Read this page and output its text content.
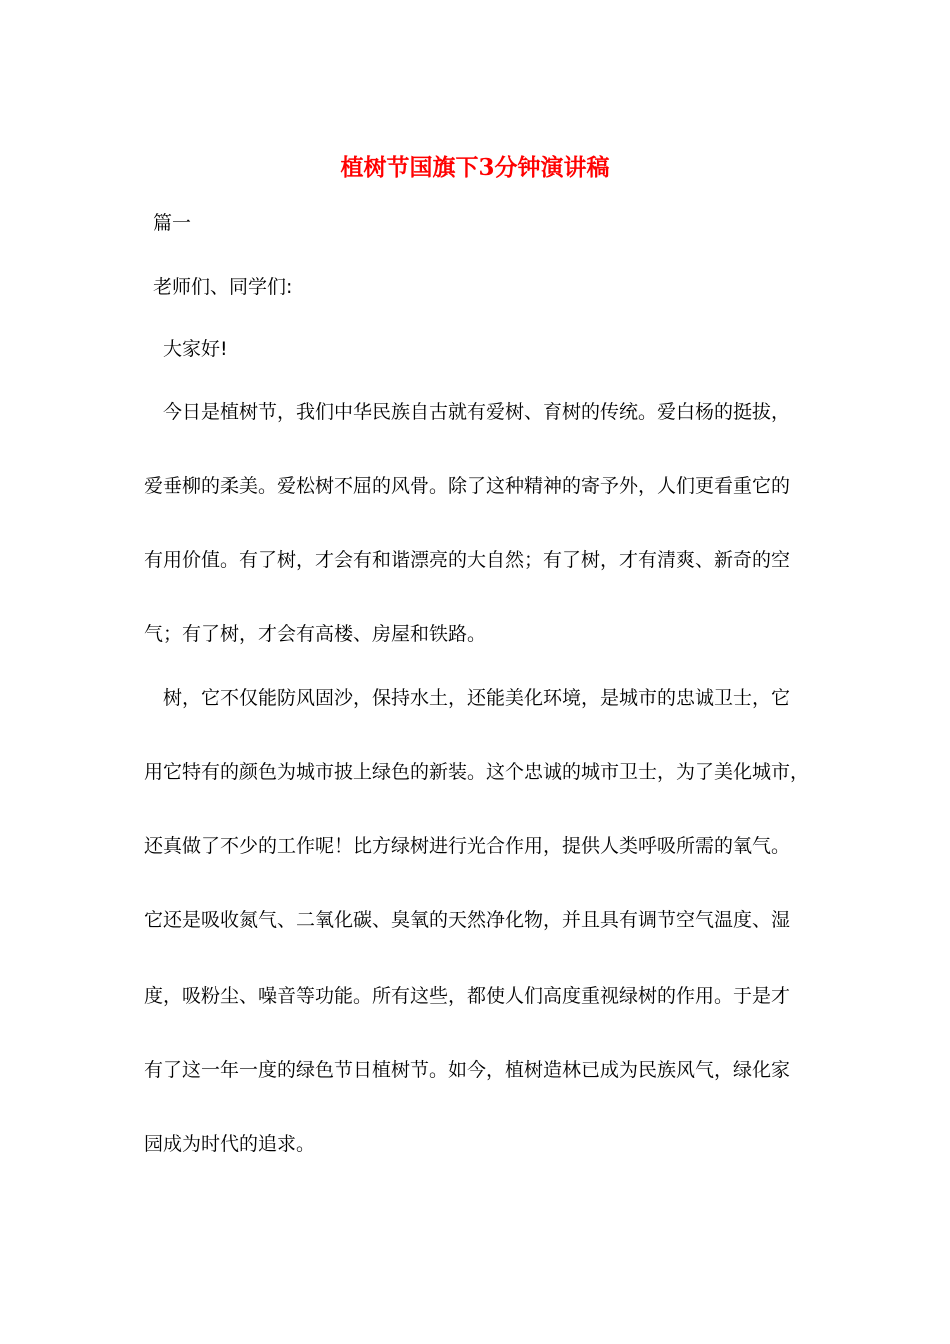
植树节国旗下3分钟演讲稿

篇一

老师们、同学们:

大家好!

今日是植树节，我们中华民族自古就有爱树、育树的传统。爱白杨的挺拔，

爱垂柳的柔美。爱松树不屈的风骨。除了这种精神的寄予外，人们更看重它的

有用价值。有了树，才会有和谐漂亮的大自然；有了树，才有清爽、新奇的空

气；有了树，才会有高楼、房屋和铁路。

树，它不仅能防风固沙，保持水土，还能美化环境，是城市的忠诚卫士，它

用它特有的颜色为城市披上绿色的新装。这个忠诚的城市卫士，为了美化城市，

还真做了不少的工作呢！比方绿树进行光合作用，提供人类呼吸所需的氧气。

它还是吸收氮气、二氧化碳、臭氧的天然净化物，并且具有调节空气温度、湿

度，吸粉尘、噪音等功能。所有这些，都使人们高度重视绿树的作用。于是才

有了这一年一度的绿色节日植树节。如今，植树造林已成为民族风气，绿化家

园成为时代的追求。
